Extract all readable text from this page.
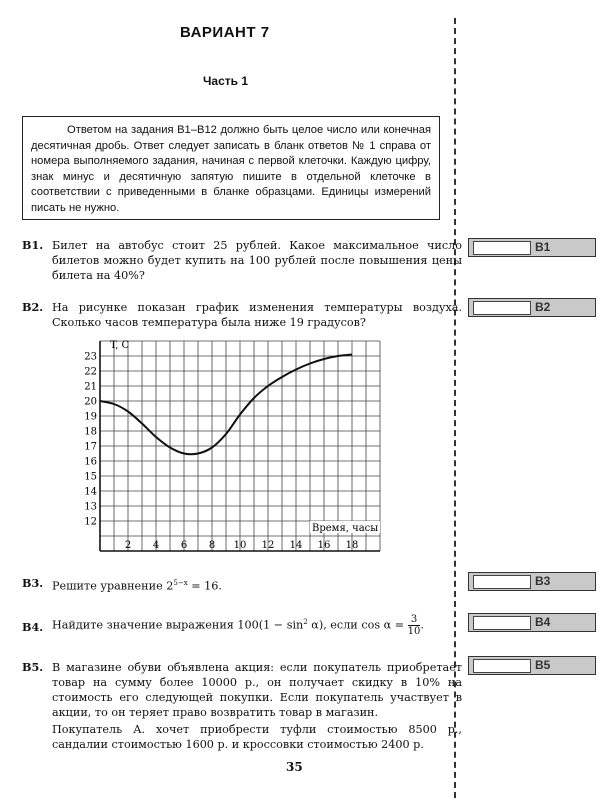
ВАРИАНТ 7
Часть 1
Ответом на задания В1–В12 должно быть целое число или конечная десятичная дробь. Ответ следует записать в бланк ответов № 1 справа от номера выполняемого задания, начиная с первой клеточки. Каждую цифру, знак минус и десятичную запятую пишите в отдельной клеточке в соответствии с приведенными в бланке образцами. Единицы измерений писать не нужно.
B1. Билет на автобус стоит 25 рублей. Какое максимальное число билетов можно будет купить на 100 рублей после повышения цены билета на 40%?
B1
B2. На рисунке показан график изменения температуры воздуха. Сколько часов температура была ниже 19 градусов?
B2
2 4 6 8 10 12 14 16 18
12
13
14
15
16
17
18
19
20
21
22
23
T, C
Время, часы
B3. Решите уравнение $2^{5-x} = 16$.	B3
B4. Найдите значение выражения $100(1 - \sin^2 \alpha)$, если $\cos \alpha = \frac{3}{10}$ .	B4
B5. В магазине обуви объявлена акция: если покупатель приобретает товар на сумму более 10000 р., он получает скидку в 10% на стоимость его следующей покупки. Если покупатель участвует в акции, то он теряет право возвратить товар в магазин.
Покупатель А. хочет приобрести туфли стоимостью 8500 р., сандалии стоимостью 1600 р. и кроссовки стоимостью 2400 р.
B5
35
